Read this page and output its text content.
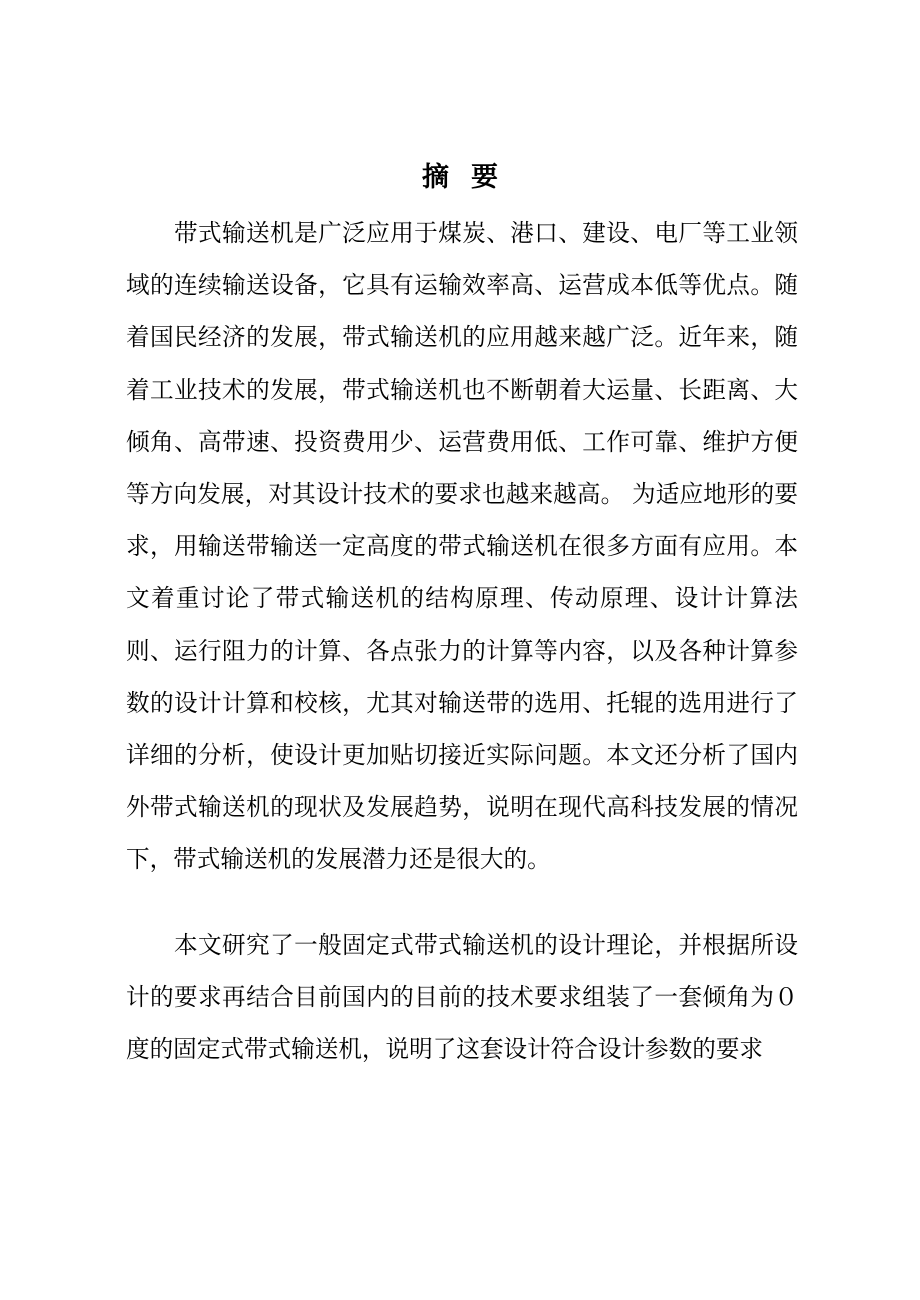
摘要

带式输送机是广泛应用于煤炭、港口、建设、电厂等工业领域的连续输送设备，它具有运输效率高、运营成本低等优点。随着国民经济的发展，带式输送机的应用越来越广泛。近年来，随着工业技术的发展，带式输送机也不断朝着大运量、长距离、大倾角、高带速、投资费用少、运营费用低、工作可靠、维护方便等方向发展，对其设计技术的要求也越来越高。 为适应地形的要求，用输送带输送一定高度的带式输送机在很多方面有应用。本文着重讨论了带式输送机的结构原理、传动原理、设计计算法则、运行阻力的计算、各点张力的计算等内容，以及各种计算参数的设计计算和校核，尤其对输送带的选用、托辊的选用进行了详细的分析，使设计更加贴切接近实际问题。本文还分析了国内外带式输送机的现状及发展趋势，说明在现代高科技发展的情况下，带式输送机的发展潜力还是很大的。

本文研究了一般固定式带式输送机的设计理论，并根据所设计的要求再结合目前国内的目前的技术要求组装了一套倾角为０度的固定式带式输送机，说明了这套设计符合设计参数的要求
